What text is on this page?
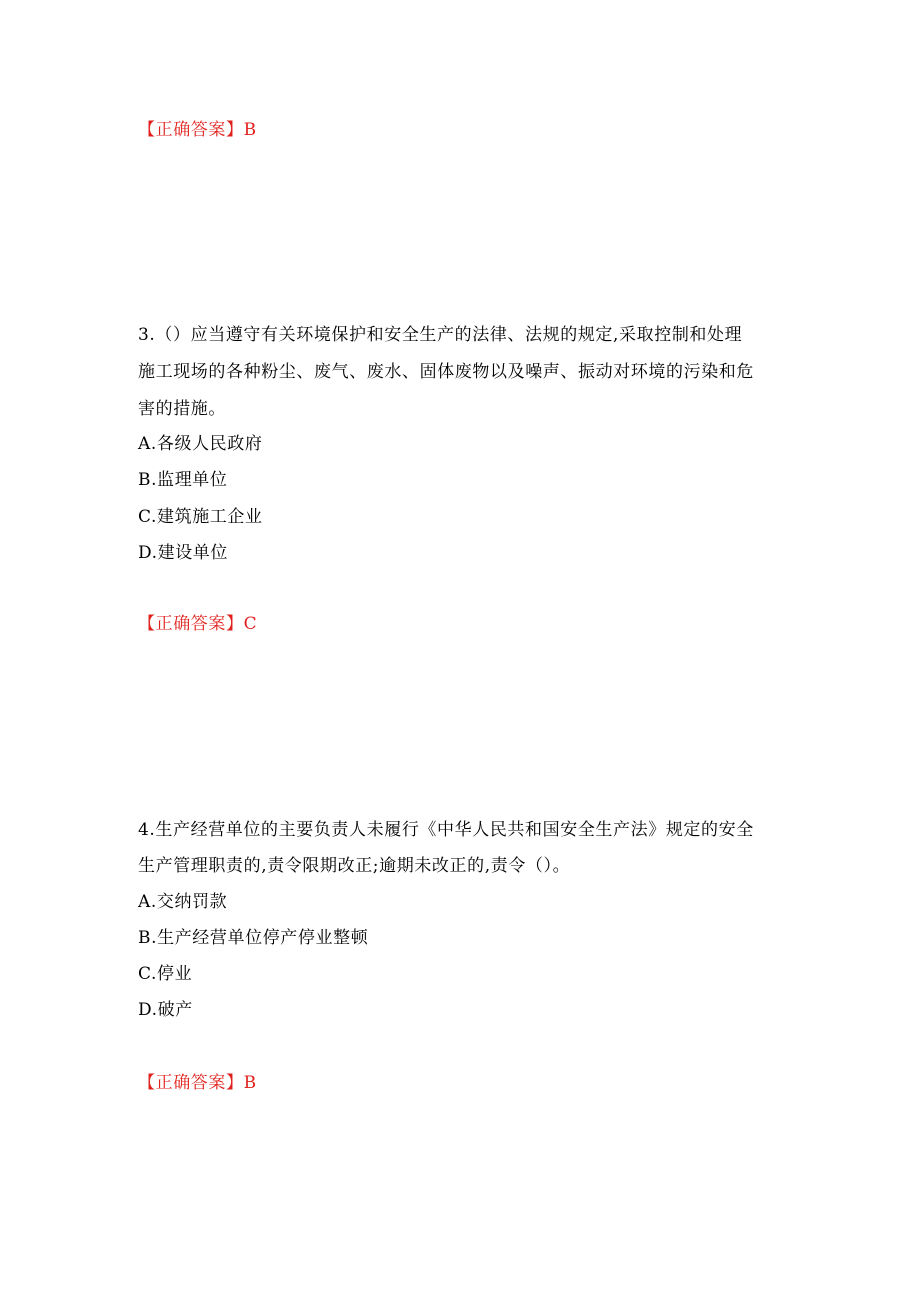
【正确答案】B
3.（）应当遵守有关环境保护和安全生产的法律、法规的规定,采取控制和处理
施工现场的各种粉尘、废气、废水、固体废物以及噪声、振动对环境的污染和危
害的措施。
A.各级人民政府
B.监理单位
C.建筑施工企业
D.建设单位
【正确答案】C
4.生产经营单位的主要负责人未履行《中华人民共和国安全生产法》规定的安全
生产管理职责的,责令限期改正;逾期未改正的,责令（）。
A.交纳罚款
B.生产经营单位停产停业整顿
C.停业
D.破产
【正确答案】B
